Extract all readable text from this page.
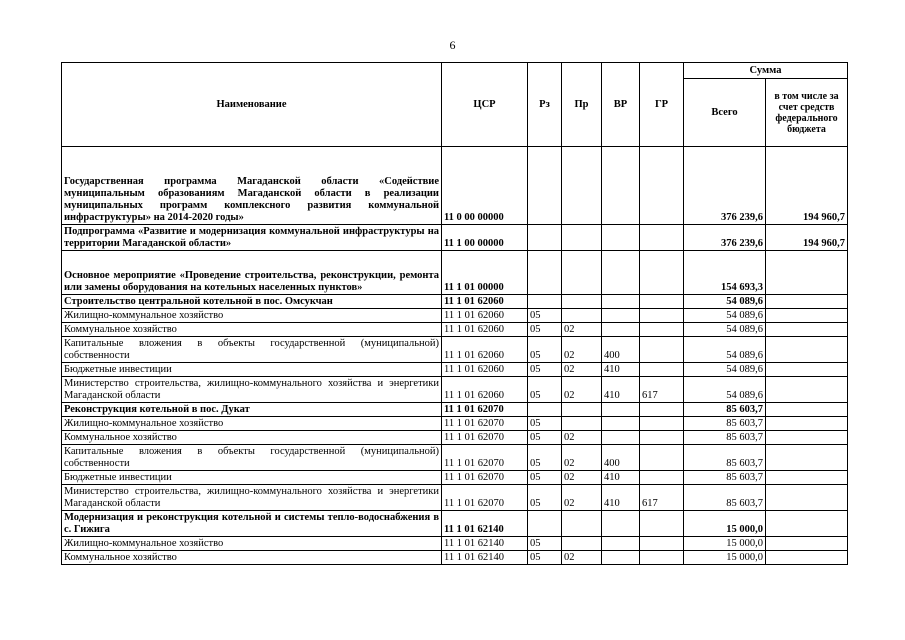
6
Наименование	ЦСР	Рз	Пр	ВР	ГР	Сумма	
						Всего	в том числе за счет средств федерального бюджета
Государственная программа Магаданской области «Содействие муниципальным образованиям Магаданской области в реализации муниципальных программ комплексного развития коммунальной инфраструктуры» на 2014-2020 годы»	11 0 00 00000					376 239,6	194 960,7
Подпрограмма «Развитие и модернизация коммунальной инфраструктуры на территории Магаданской области»	11 1 00 00000					376 239,6	194 960,7
Основное мероприятие «Проведение строительства, реконструкции, ремонта или замены оборудования на котельных населенных пунктов»	11 1 01 00000					154 693,3	
Строительство центральной котельной в пос. Омсукчан	11 1 01 62060					54 089,6	
Жилищно-коммунальное хозяйство	11 1 01 62060	05				54 089,6	
Коммунальное хозяйство	11 1 01 62060	05	02			54 089,6	
Капитальные вложения в объекты государственной (муниципальной) собственности	11 1 01 62060	05	02	400		54 089,6	
Бюджетные инвестиции	11 1 01 62060	05	02	410		54 089,6	
Министерство строительства, жилищно-коммунального хозяйства и энергетики Магаданской области	11 1 01 62060	05	02	410	617	54 089,6	
Реконструкция котельной в пос. Дукат	11 1 01 62070					85 603,7	
Жилищно-коммунальное хозяйство	11 1 01 62070	05				85 603,7	
Коммунальное хозяйство	11 1 01 62070	05	02			85 603,7	
Капитальные вложения в объекты государственной (муниципальной) собственности	11 1 01 62070	05	02	400		85 603,7	
Бюджетные инвестиции	11 1 01 62070	05	02	410		85 603,7	
Министерство строительства, жилищно-коммунального хозяйства и энергетики Магаданской области	11 1 01 62070	05	02	410	617	85 603,7	
Модернизация и реконструкция котельной и системы тепло-водоснабжения в с. Гижига	11 1 01 62140					15 000,0	
Жилищно-коммунальное хозяйство	11 1 01 62140	05				15 000,0	
Коммунальное хозяйство	11 1 01 62140	05	02			15 000,0	
